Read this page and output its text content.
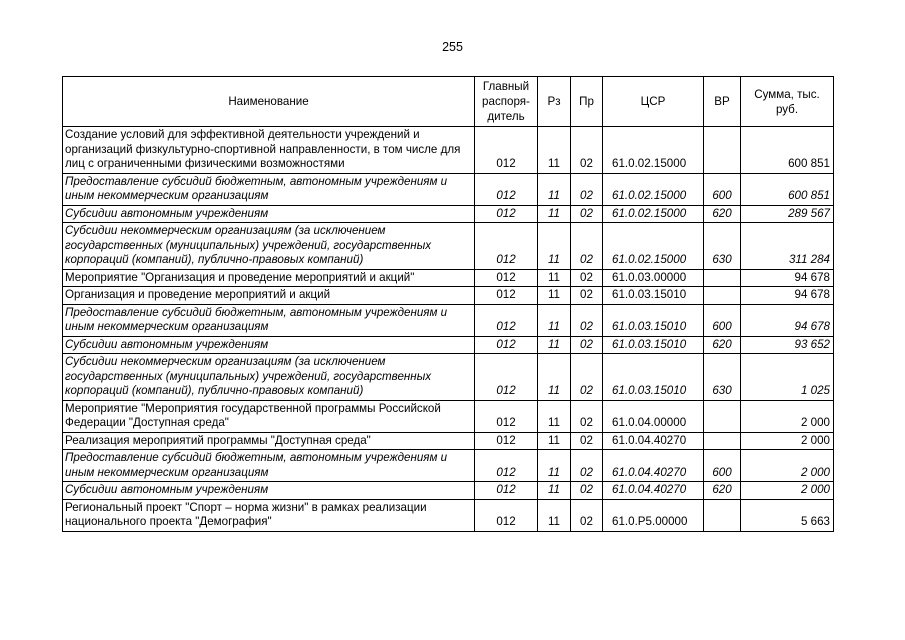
255
Наименование	Главный распоря-дитель	Рз	Пр	ЦСР	ВР	Сумма, тыс. руб.
Создание условий для эффективной деятельности учреждений и организаций физкультурно-спортивной направленности, в том числе для лиц с ограниченными физическими возможностями	012	11	02	61.0.02.15000		600 851
Предоставление субсидий бюджетным, автономным учреждениям и иным некоммерческим организациям	012	11	02	61.0.02.15000	600	600 851
Субсидии автономным учреждениям	012	11	02	61.0.02.15000	620	289 567
Субсидии некоммерческим организациям (за исключением государственных (муниципальных) учреждений, государственных корпораций (компаний), публично-правовых компаний)	012	11	02	61.0.02.15000	630	311 284
Мероприятие "Организация и проведение мероприятий и акций"	012	11	02	61.0.03.00000		94 678
Организация и проведение мероприятий и акций	012	11	02	61.0.03.15010		94 678
Предоставление субсидий бюджетным, автономным учреждениям и иным некоммерческим организациям	012	11	02	61.0.03.15010	600	94 678
Субсидии автономным учреждениям	012	11	02	61.0.03.15010	620	93 652
Субсидии некоммерческим организациям (за исключением государственных (муниципальных) учреждений, государственных корпораций (компаний), публично-правовых компаний)	012	11	02	61.0.03.15010	630	1 025
Мероприятие "Мероприятия государственной программы Российской Федерации "Доступная среда"	012	11	02	61.0.04.00000		2 000
Реализация мероприятий программы "Доступная среда"	012	11	02	61.0.04.40270		2 000
Предоставление субсидий бюджетным, автономным учреждениям и иным некоммерческим организациям	012	11	02	61.0.04.40270	600	2 000
Субсидии автономным учреждениям	012	11	02	61.0.04.40270	620	2 000
Региональный проект "Спорт – норма жизни" в рамках реализации национального проекта "Демография"	012	11	02	61.0.P5.00000		5 663
